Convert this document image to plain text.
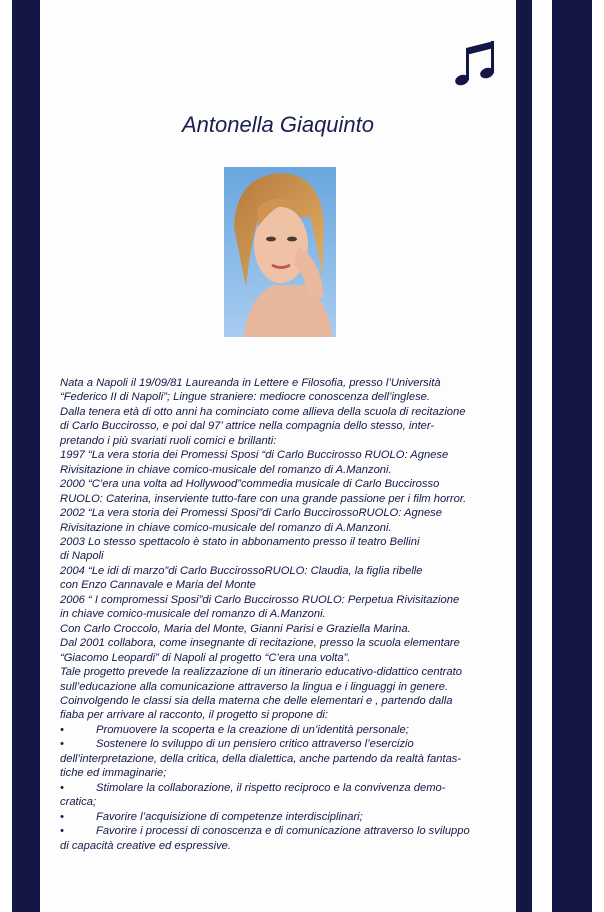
Antonella Giaquinto
Nata a Napoli il 19/09/81 Laureanda in Lettere e Filosofia, presso l’Università
“Federico II di Napoli”; Lingue straniere: mediocre conoscenza dell’inglese.
Dalla tenera età di otto anni ha cominciato come allieva della scuola di recitazione
di Carlo Buccirosso, e poi dal 97’ attrice nella compagnia dello stesso, inter-
pretando i più svariati ruoli comici e brillanti:
1997 “La vera storia dei Promessi Sposi “di Carlo Buccirosso RUOLO: Agnese
Rivisitazione in chiave comico-musicale del romanzo di A.Manzoni.
2000 “C’era una volta ad Hollywood”commedia musicale di Carlo Buccirosso
RUOLO: Caterina, inserviente tutto-fare con una grande passione per i film horror.
2002 “La vera storia dei Promessi Sposi”di Carlo BuccirossoRUOLO: Agnese
Rivisitazione in chiave comico-musicale del romanzo di A.Manzoni.
2003 Lo stesso spettacolo è stato in abbonamento presso il teatro Bellini
di Napoli
2004 “Le idi di marzo”di Carlo BuccirossoRUOLO: Claudia, la figlia ribelle
con Enzo Cannavale e Maria del Monte
2006 “ I compromessi Sposi”di Carlo Buccirosso RUOLO: Perpetua Rivisitazione
in chiave comico-musicale del romanzo di A.Manzoni.
Con Carlo Croccolo, Maria del Monte, Gianni Parisi e Graziella Marina.
Dal 2001 collabora, come insegnante di recitazione, presso la scuola elementare
“Giacomo Leopardi” di Napoli al progetto “C’era una volta”.
Tale progetto prevede la realizzazione di un itinerario educativo-didattico centrato
sull’educazione alla comunicazione attraverso la lingua e i linguaggi in genere.
Coinvolgendo le classi sia della materna che delle elementari e , partendo dalla
fiaba per arrivare al racconto, il progetto si propone di:
•	Promuovere la scoperta e la creazione di un’identità personale;
•	Sostenere lo sviluppo di un pensiero critico attraverso l’esercizio
dell’interpretazione, della critica, della dialettica, anche partendo da realtà fantas-
tiche ed immaginarie;
•	Stimolare la collaborazione, il rispetto reciproco e la convivenza demo-
cratica;
•	Favorire l’acquisizione di competenze interdisciplinari;
•	Favorire i processi di conoscenza e di comunicazione attraverso lo sviluppo
di capacità creative ed espressive.
